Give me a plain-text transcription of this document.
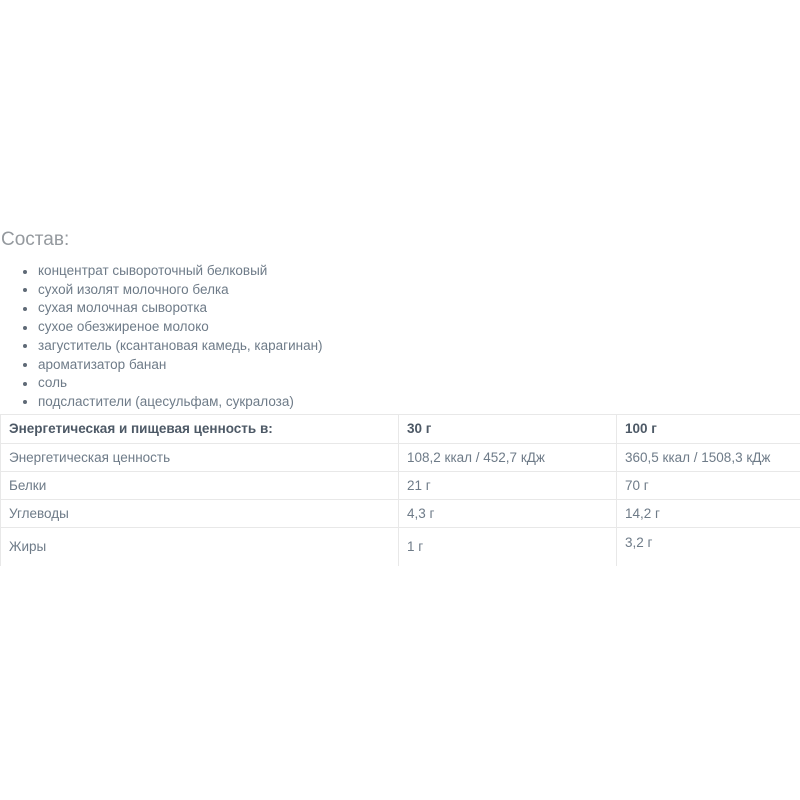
Состав:
концентрат сывороточный белковый
сухой изолят молочного белка
сухая молочная сыворотка
сухое обезжиреное молоко
загуститель (ксантановая камедь, карагинан)
ароматизатор банан
соль
подсластители (ацесульфам, сукралоза)
Энергетическая и пищевая ценность в:	30 г	100 г
Энергетическая ценность	108,2 ккал / 452,7 кДж	360,5 ккал / 1508,3 кДж
Белки	21 г	70 г
Углеводы	4,3 г	14,2 г
Жиры	1 г	3,2 г
